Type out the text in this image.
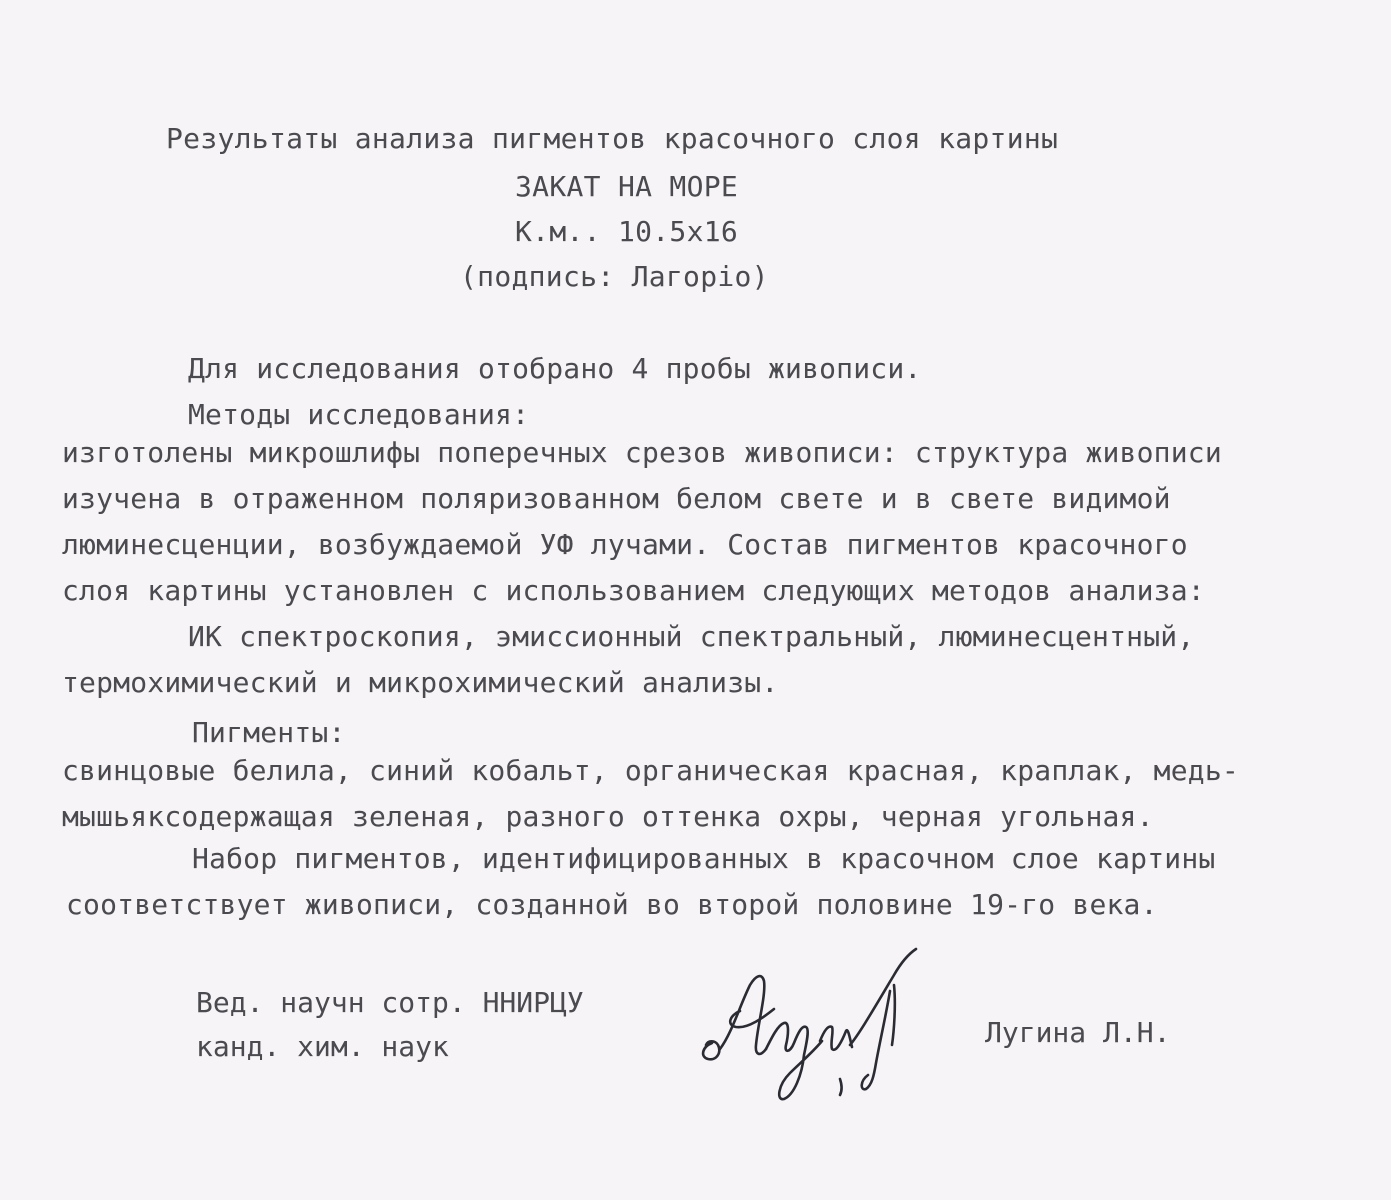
Результаты анализа пигментов красочного слоя картины
ЗАКАТ НА МОРЕ
К.м.. 10.5х16
(подпись: Лагорio)
Для исследования отобрано 4 пробы живописи.
Методы исследования:
изготолены микрошлифы поперечных срезов живописи: структура живописи
изучена в отраженном поляризованном белом свете и в свете видимой
люминесценции, возбуждаемой УФ лучами. Состав пигментов красочного
слоя картины установлен с использованием следующих методов анализа:
ИК спектроскопия, эмиссионный спектральный, люминесцентный,
термохимический и микрохимический анализы.
Пигменты:
свинцовые белила, синий кобальт, органическая красная, краплак, медь-
мышьяксодержащая зеленая, разного оттенка охры, черная угольная.
Набор пигментов, идентифицированных в красочном слое картины
соответствует живописи, созданной во второй половине 19-го века.
Вед. научн сотр. ННИРЦУ
канд. хим. наук	Лугина Л.Н.
